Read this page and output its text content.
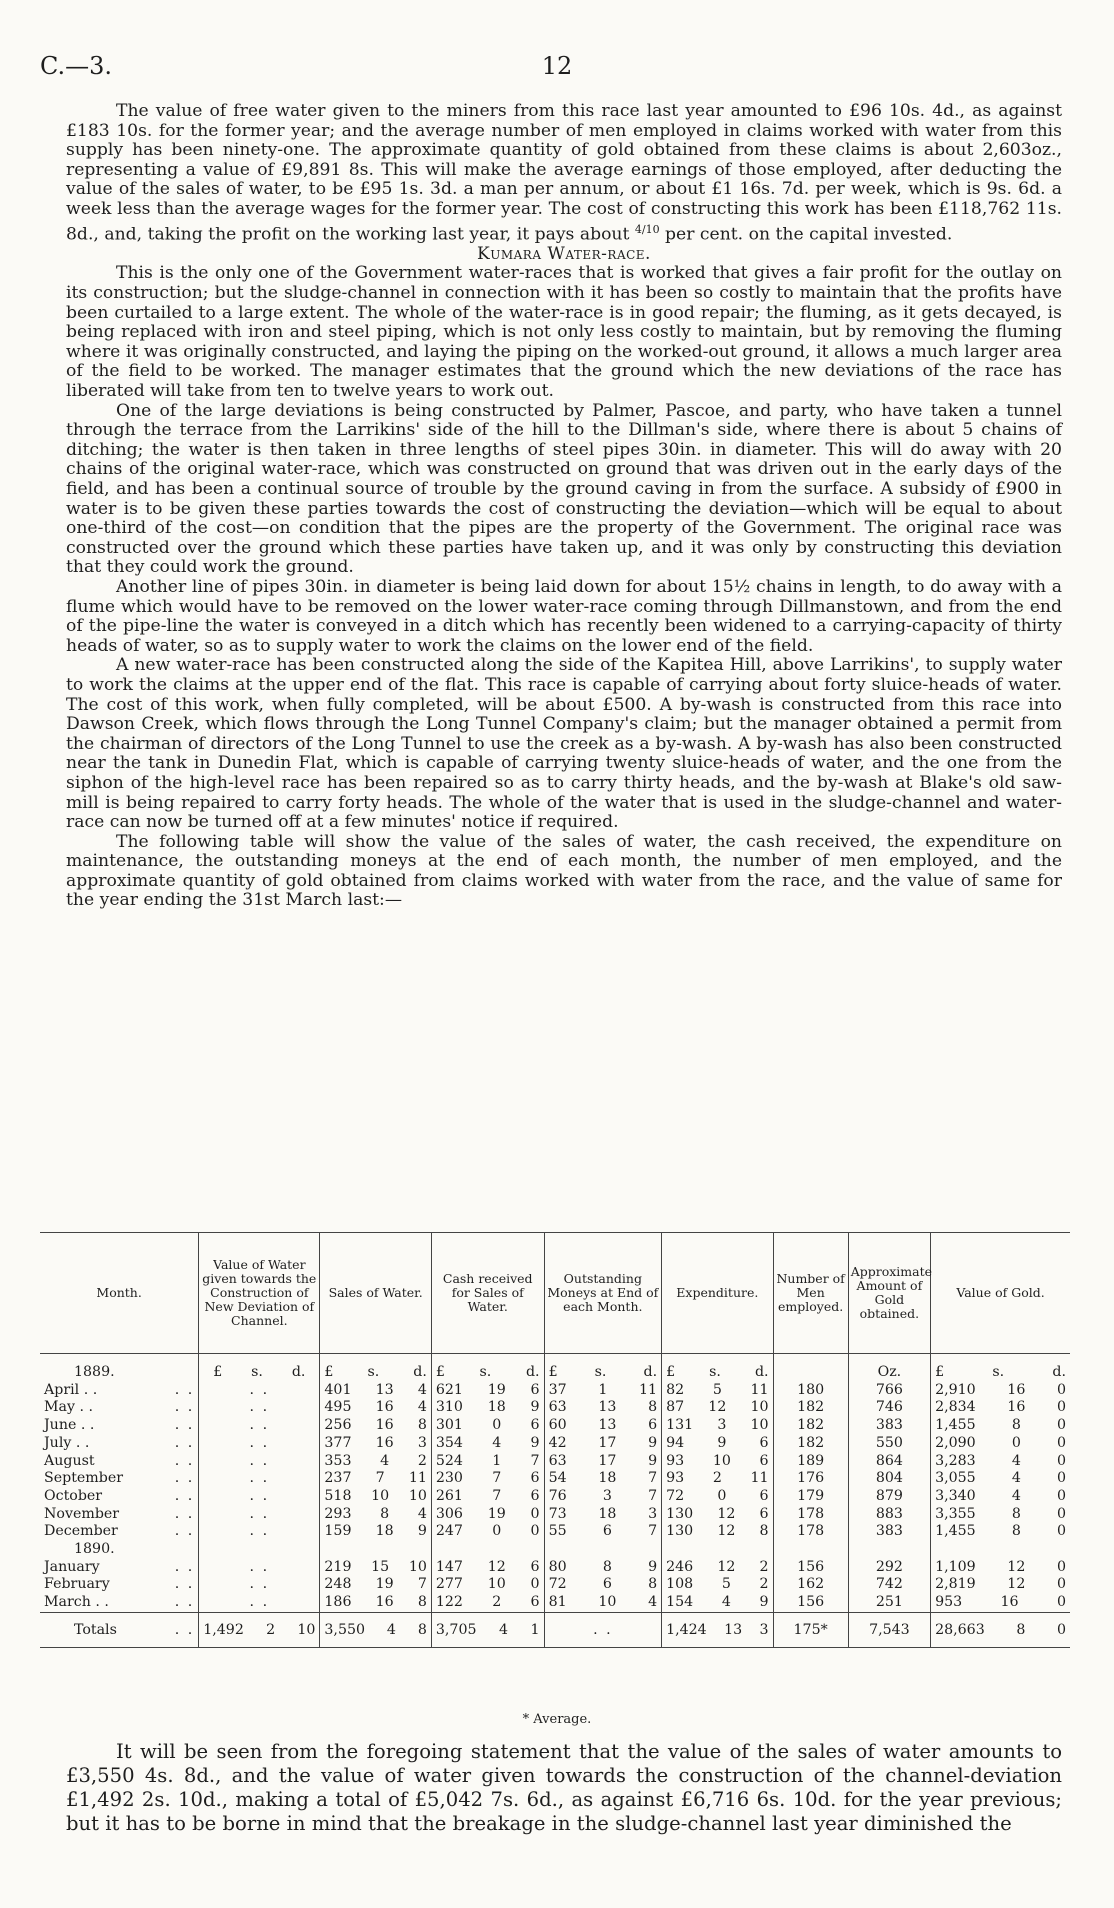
C.—3.	12

The value of free water given to the miners from this race last year amounted to £96 10s. 4d., as against £183 10s. for the former year; and the average number of men employed in claims worked with water from this supply has been ninety-one. The approximate quantity of gold obtained from these claims is about 2,603oz., representing a value of £9,891 8s. This will make the average earnings of those employed, after deducting the value of the sales of water, to be £95 1s. 3d. a man per annum, or about £1 16s. 7d. per week, which is 9s. 6d. a week less than the average wages for the former year. The cost of constructing this work has been £118,762 11s. 8d., and, taking the profit on the working last year, it pays about $^{4/10}$ per cent. on the capital invested.

Kumara Water-race.

This is the only one of the Government water-races that is worked that gives a fair profit for the outlay on its construction; but the sludge-channel in connection with it has been so costly to maintain that the profits have been curtailed to a large extent. The whole of the water-race is in good repair; the fluming, as it gets decayed, is being replaced with iron and steel piping, which is not only less costly to maintain, but by removing the fluming where it was originally constructed, and laying the piping on the worked-out ground, it allows a much larger area of the field to be worked. The manager estimates that the ground which the new deviations of the race has liberated will take from ten to twelve years to work out.

One of the large deviations is being constructed by Palmer, Pascoe, and party, who have taken a tunnel through the terrace from the Larrikins' side of the hill to the Dillman's side, where there is about 5 chains of ditching; the water is then taken in three lengths of steel pipes 30in. in diameter. This will do away with 20 chains of the original water-race, which was constructed on ground that was driven out in the early days of the field, and has been a continual source of trouble by the ground caving in from the surface. A subsidy of £900 in water is to be given these parties towards the cost of constructing the deviation—which will be equal to about one-third of the cost—on condition that the pipes are the property of the Government. The original race was constructed over the ground which these parties have taken up, and it was only by constructing this deviation that they could work the ground.

Another line of pipes 30in. in diameter is being laid down for about 15½ chains in length, to do away with a flume which would have to be removed on the lower water-race coming through Dillmanstown, and from the end of the pipe-line the water is conveyed in a ditch which has recently been widened to a carrying-capacity of thirty heads of water, so as to supply water to work the claims on the lower end of the field.

A new water-race has been constructed along the side of the Kapitea Hill, above Larrikins', to supply water to work the claims at the upper end of the flat. This race is capable of carrying about forty sluice-heads of water. The cost of this work, when fully completed, will be about £500. A by-wash is constructed from this race into Dawson Creek, which flows through the Long Tunnel Company's claim; but the manager obtained a permit from the chairman of directors of the Long Tunnel to use the creek as a by-wash. A by-wash has also been constructed near the tank in Dunedin Flat, which is capable of carrying twenty sluice-heads of water, and the one from the siphon of the high-level race has been repaired so as to carry thirty heads, and the by-wash at Blake's old saw-mill is being repaired to carry forty heads. The whole of the water that is used in the sludge-channel and water-race can now be turned off at a few minutes' notice if required.

The following table will show the value of the sales of water, the cash received, the expenditure on maintenance, the outstanding moneys at the end of each month, the number of men employed, and the approximate quantity of gold obtained from claims worked with water from the race, and the value of same for the year ending the 31st March last:—

Month.	Value of Water given towards the Construction of New Deviation of Channel.	Sales of Water.	Cash received for Sales of Water.	Outstanding Moneys at End of each Month.	Expenditure.	Number of Men employed.	Approximate Amount of Gold obtained.	Value of Gold.
1889.	£ s. d.	£ s. d.	£ s. d.	£ s. d.	£ s. d.		Oz.	£ s. d.

April . . . .	. .	401 13 4	621 19 6	37 1 11	82 5 11	180	766	2,910 16 0

May . . . .	. .	495 16 4	310 18 9	63 13 8	87 12 10	182	746	2,834 16 0

June . . . .	. .	256 16 8	301 0 6	60 13 6	131 3 10	182	383	1,455 8 0

July . . . .	. .	377 16 3	354 4 9	42 17 9	94 9 6	182	550	2,090 0 0

August . .	. .	353 4 2	524 1 7	63 17 9	93 10 6	189	864	3,283 4 0

September . .	. .	237 7 11	230 7 6	54 18 7	93 2 11	176	804	3,055 4 0

October . .	. .	518 10 10	261 7 6	76 3 7	72 0 6	179	879	3,340 4 0

November . .	. .	293 8 4	306 19 0	73 18 3	130 12 6	178	883	3,355 8 0

December . .	. .	159 18 9	247 0 0	55 6 7	130 12 8	178	383	1,455 8 0

1890.								

January . .	. .	219 15 10	147 12 6	80 8 9	246 12 2	156	292	1,109 12 0

February . .	. .	248 19 7	277 10 0	72 6 8	108 5 2	162	742	2,819 12 0

March . . . .	. .	186 16 8	122 2 6	81 10 4	154 4 9	156	251	953 16 0

Totals . .	1,492 2 10	3,550 4 8	3,705 4 1	. .	1,424 13 3	175*	7,543	28,663 8 0
* Average.

It will be seen from the foregoing statement that the value of the sales of water amounts to £3,550 4s. 8d., and the value of water given towards the construction of the channel-deviation £1,492 2s. 10d., making a total of £5,042 7s. 6d., as against £6,716 6s. 10d. for the year previous; but it has to be borne in mind that the breakage in the sludge-channel last year diminished the
